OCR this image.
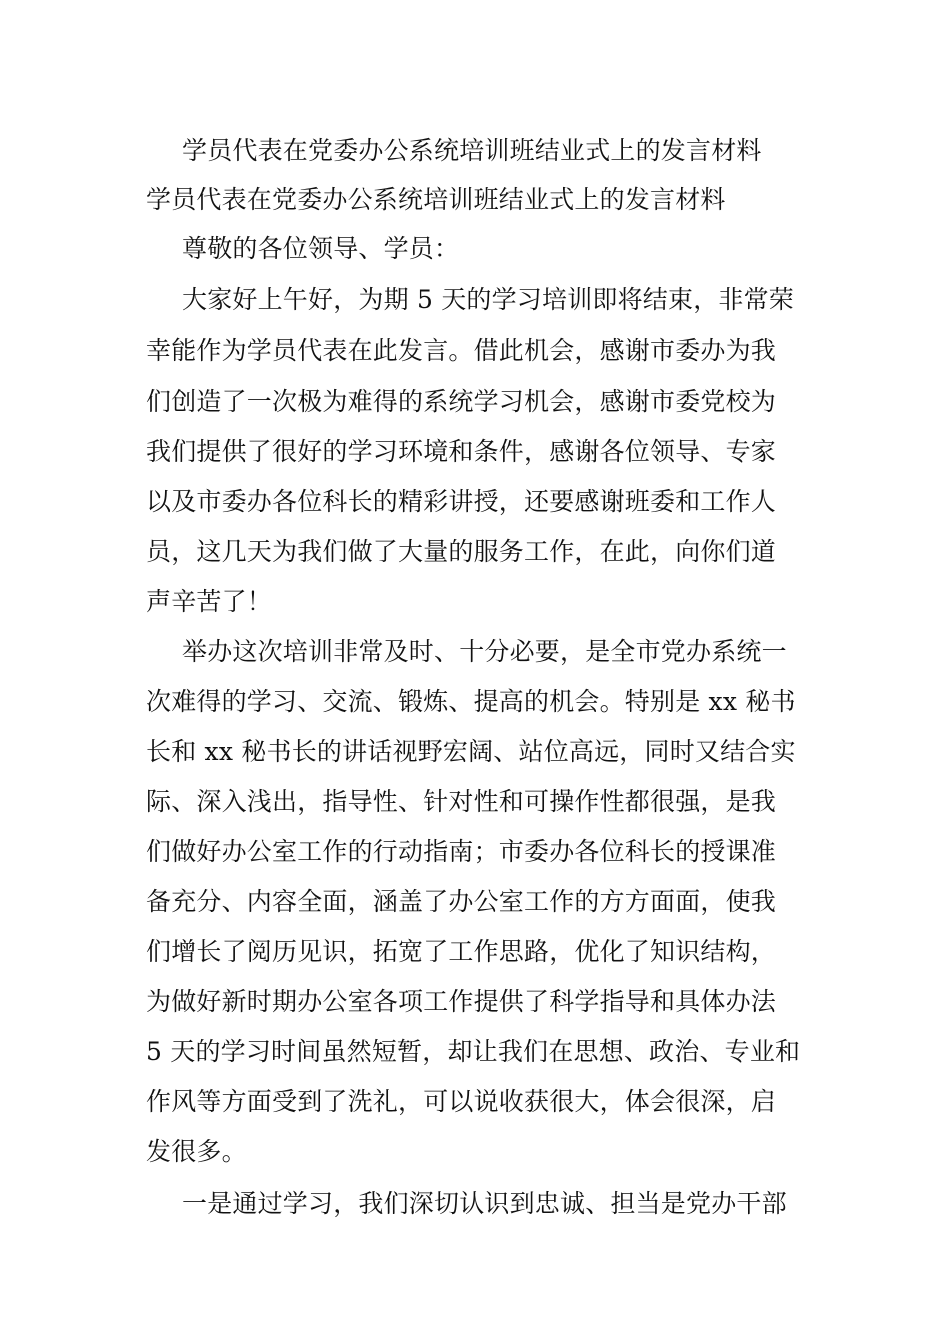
学员代表在党委办公系统培训班结业式上的发言材料
学员代表在党委办公系统培训班结业式上的发言材料
尊敬的各位领导、学员：
大家好上午好，为期 5 天的学习培训即将结束，非常荣
幸能作为学员代表在此发言。借此机会，感谢市委办为我
们创造了一次极为难得的系统学习机会，感谢市委党校为
我们提供了很好的学习环境和条件，感谢各位领导、专家
以及市委办各位科长的精彩讲授，还要感谢班委和工作人
员，这几天为我们做了大量的服务工作，在此，向你们道
声辛苦了！
举办这次培训非常及时、十分必要，是全市党办系统一
次难得的学习、交流、锻炼、提高的机会。特别是 xx 秘书
长和 xx 秘书长的讲话视野宏阔、站位高远，同时又结合实
际、深入浅出，指导性、针对性和可操作性都很强，是我
们做好办公室工作的行动指南；市委办各位科长的授课准
备充分、内容全面，涵盖了办公室工作的方方面面，使我
们增长了阅历见识，拓宽了工作思路，优化了知识结构，
为做好新时期办公室各项工作提供了科学指导和具体办法
5 天的学习时间虽然短暂，却让我们在思想、政治、专业和
作风等方面受到了洗礼，可以说收获很大，体会很深，启
发很多。
一是通过学习，我们深切认识到忠诚、担当是党办干部
